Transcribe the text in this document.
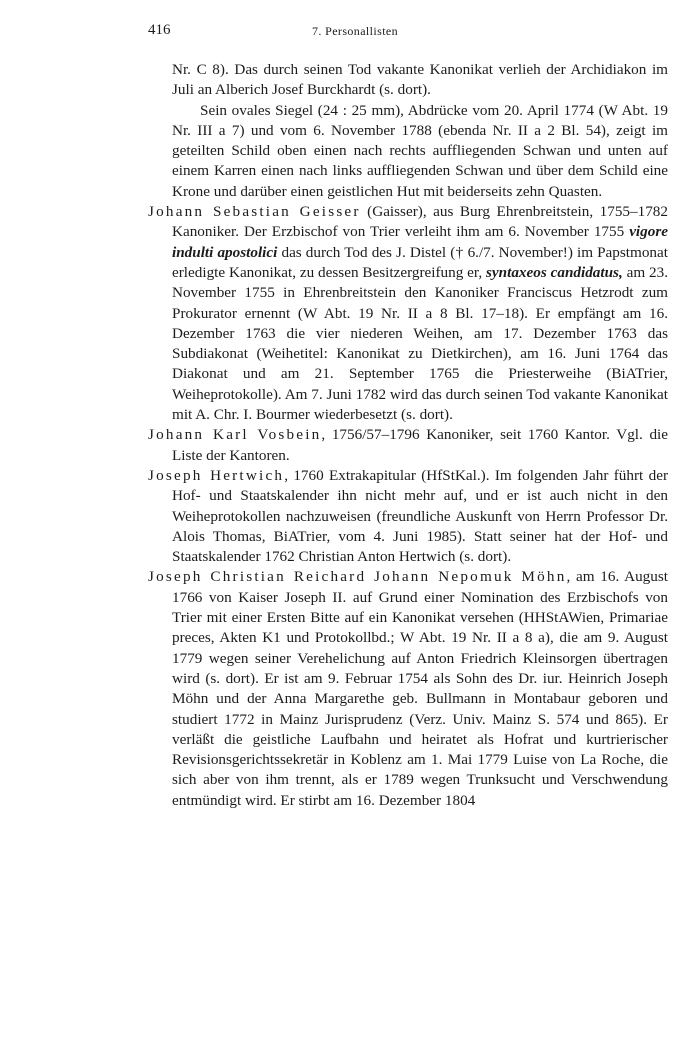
416	7. Personallisten

Nr. C 8). Das durch seinen Tod vakante Kanonikat verlieh der Archidiakon im Juli an Alberich Josef Burckhardt (s. dort).

Sein ovales Siegel (24 : 25 mm), Abdrücke vom 20. April 1774 (W Abt. 19 Nr. III a 7) und vom 6. November 1788 (ebenda Nr. II a 2 Bl. 54), zeigt im geteilten Schild oben einen nach rechts auffliegenden Schwan und unten auf einem Karren einen nach links auffliegenden Schwan und über dem Schild eine Krone und darüber einen geistlichen Hut mit beiderseits zehn Quasten.

Johann Sebastian Geisser (Gaisser), aus Burg Ehrenbreitstein, 1755–1782 Kanoniker. Der Erzbischof von Trier verleiht ihm am 6. November 1755 vigore indulti apostolici das durch Tod des J. Distel († 6./7. November!) im Papstmonat erledigte Kanonikat, zu dessen Besitzergreifung er, syntaxeos candidatus, am 23. November 1755 in Ehrenbreitstein den Kanoniker Franciscus Hetzrodt zum Prokurator ernennt (W Abt. 19 Nr. II a 8 Bl. 17–18). Er empfängt am 16. Dezember 1763 die vier niederen Weihen, am 17. Dezember 1763 das Subdiakonat (Weihetitel: Kanonikat zu Dietkirchen), am 16. Juni 1764 das Diakonat und am 21. September 1765 die Priesterweihe (BiATrier, Weiheprotokolle). Am 7. Juni 1782 wird das durch seinen Tod vakante Kanonikat mit A. Chr. I. Bourmer wiederbesetzt (s. dort).

Johann Karl Vosbein, 1756/57–1796 Kanoniker, seit 1760 Kantor. Vgl. die Liste der Kantoren.

Joseph Hertwich, 1760 Extrakapitular (HfStKal.). Im folgenden Jahr führt der Hof- und Staatskalender ihn nicht mehr auf, und er ist auch nicht in den Weiheprotokollen nachzuweisen (freundliche Auskunft von Herrn Professor Dr. Alois Thomas, BiATrier, vom 4. Juni 1985). Statt seiner hat der Hof- und Staatskalender 1762 Christian Anton Hertwich (s. dort).

Joseph Christian Reichard Johann Nepomuk Möhn, am 16. August 1766 von Kaiser Joseph II. auf Grund einer Nomination des Erzbischofs von Trier mit einer Ersten Bitte auf ein Kanonikat versehen (HHStAWien, Primariae preces, Akten K1 und Protokollbd.; W Abt. 19 Nr. II a 8 a), die am 9. August 1779 wegen seiner Verehelichung auf Anton Friedrich Kleinsorgen übertragen wird (s. dort). Er ist am 9. Februar 1754 als Sohn des Dr. iur. Heinrich Joseph Möhn und der Anna Margarethe geb. Bullmann in Montabaur geboren und studiert 1772 in Mainz Jurisprudenz (Verz. Univ. Mainz S. 574 und 865). Er verläßt die geistliche Laufbahn und heiratet als Hofrat und kurtrierischer Revisionsgerichtssekretär in Koblenz am 1. Mai 1779 Luise von La Roche, die sich aber von ihm trennt, als er 1789 wegen Trunksucht und Verschwendung entmündigt wird. Er stirbt am 16. Dezember 1804
